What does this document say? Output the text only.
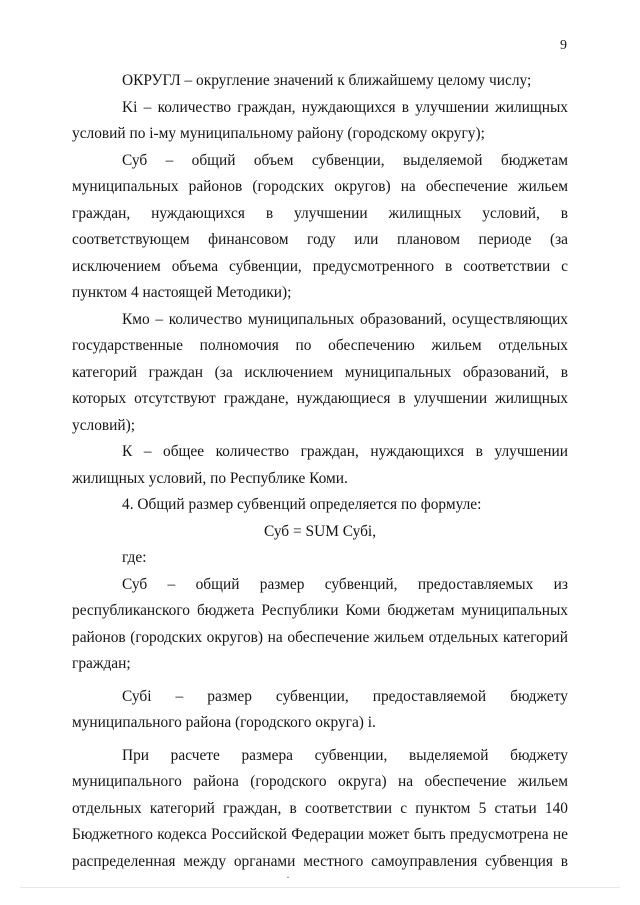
9

ОКРУГЛ – округление значений к ближайшему целому числу;

Ki – количество граждан, нуждающихся в улучшении жилищных условий по i-му муниципальному району (городскому округу);

Суб – общий объем субвенции, выделяемой бюджетам муниципальных районов (городских округов) на обеспечение жильем граждан, нуждающихся в улучшении жилищных условий, в соответствующем финансовом году или плановом периоде (за исключением объема субвенции, предусмотренного в соответствии с пунктом 4 настоящей Методики);

Кмо – количество муниципальных образований, осуществляющих государственные полномочия по обеспечению жильем отдельных категорий граждан (за исключением муниципальных образований, в которых отсутствуют граждане, нуждающиеся в улучшении жилищных условий);

К – общее количество граждан, нуждающихся в улучшении жилищных условий, по Республике Коми.

4. Общий размер субвенций определяется по формуле:

Суб = SUM Субi,

где:

Суб – общий размер субвенций, предоставляемых из республиканского бюджета Республики Коми бюджетам муниципальных районов (городских округов) на обеспечение жильем отдельных категорий граждан;

Субi – размер субвенции, предоставляемой бюджету муниципального района (городского округа) i.

При расчете размера субвенции, выделяемой бюджету муниципального района (городского округа) на обеспечение жильем отдельных категорий граждан, в соответствии с пунктом 5 статьи 140 Бюджетного кодекса Российской Федерации может быть предусмотрена не распределенная между органами местного самоуправления субвенция в

·
